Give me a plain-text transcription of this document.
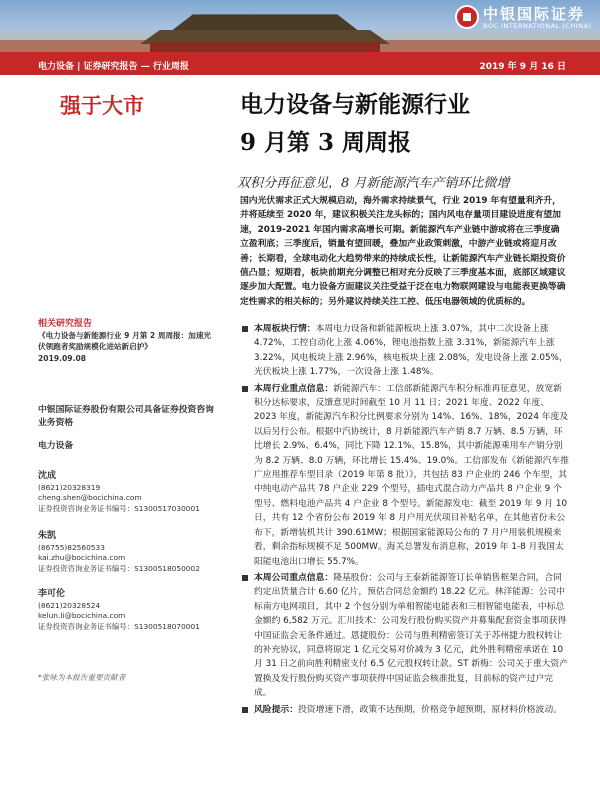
中银国际证券
BOC INTERNATIONAL (CHINA)
电力设备 | 证券研究报告 — 行业周报	2019 年 9 月 16 日
强于大市	电力设备与新能源行业
9 月第 3 周周报
双积分再征意见，8 月新能源汽车产销环比微增
国内光伏需求正式大规模启动，海外需求持续景气，行业 2019 年有望量利齐升，并将延续至 2020 年，建议积极关注龙头标的；国内风电存量项目建设进度有望加速，2019-2021 年国内需求高增长可期。新能源汽车产业链中游或将在三季度确立盈利底；三季度后，销量有望回暖，叠加产业政策刺激，中游产业链或将迎月改善；长期看，全球电动化大趋势带来的持续成长性，让新能源汽车产业链长期投资价值凸显；短期看，板块前期充分调整已相对充分反映了三季度基本面，底部区域建议逐步加大配置。电力设备方面建议关注受益于泛在电力物联网建设与电能表更换等确定性需求的相关标的；另外建议持续关注工控、低压电器领域的优质标的。
本周板块行情：本周电力设备和新能源板块上涨 3.07%，其中二次设备上涨 4.72%，工控自动化上涨 4.06%，锂电池指数上涨 3.31%，新能源汽车上涨 3.22%，风电板块上涨 2.96%，核电板块上涨 2.08%，发电设备上涨 2.05%，光伏板块上涨 1.77%，一次设备上涨 1.48%。
本周行业重点信息：新能源汽车：工信部新能源汽车积分标准再征意见，放宽新积分达标要求，反馈意见时间截至 10 月 11 日；2021 年度、2022 年度、2023 年度，新能源汽车积分比例要求分别为 14%、16%、18%，2024 年度及以后另行公布。根据中汽协统计，8 月新能源汽车产销 8.7 万辆、8.5 万辆，环比增长 2.9%、6.4%，同比下降 12.1%、15.8%，其中新能源乘用车产销分别为 8.2 万辆、8.0 万辆，环比增长 15.4%、19.0%。工信部发布《新能源汽车推广应用推荐车型目录（2019 年第 8 批）》，共包括 83 户企业的 246 个车型，其中纯电动产品共 78 户企业 229 个型号，插电式混合动力产品共 8 户企业 9 个型号、燃料电池产品共 4 户企业 8 个型号。新能源发电：截至 2019 年 9 月 10 日，共有 12 个省份公布 2019 年 8 月户用光伏项目补贴名单，在其他省份未公布下，新增装机共计 390.61MW；根据国家能源局公布的 7 月户用装机规模来看，剩余指标规模不足 500MW。海关总署发布消息称，2019 年 1-8 月我国太阳能电池出口增长 55.7%。
本周公司重点信息：隆基股份：公司与王泰新能源签订长单销售框架合同，合同约定出货量合计 6.60 亿片，预估合同总金额约 18.22 亿元。林洋能源：公司中标南方电网项目，其中 2 个包分别为单相智能电能表和三相智能电能表，中标总金额约 6,582 万元。汇川技术：公司发行股份购买资产并募集配套资金事项获得中国证监会无条件通过。恩捷股份：公司与胜利精密签订关于苏州捷力股权转让的补充协议，同意将原定 1 亿元交易对价减为 3 亿元，此外胜利精密承诺在 10 月 31 日之前向胜利精密支付 6.5 亿元股权转让款。ST 新梅：公司关于重大资产置换及发行股份购买资产事项获得中国证监会核准批复，目前标的资产过户完成。
风险提示：投资增速下滑，政策不达预期，价格竞争超预期，原材料价格波动。
相关研究报告
《电力设备与新能源行业 9 月第 2 周周报：加速光伏领跑者奖励规模化进站新启护》
2019.09.08
中银国际证券股份有限公司具备证券投资咨询业务资格
电力设备
沈成
(8621)20328319
cheng.shen@bocichina.com
证券投资咨询业务证书编号：S1300517030001
朱凯
(86755)82560533
kai.zhu@bocichina.com
证券投资咨询业务证书编号：S1300518050002
李可伦
(8621)20328524
kelun.li@bocichina.com
证券投资咨询业务证书编号：S1300518070001
*张咏为本报告重要贡献者
